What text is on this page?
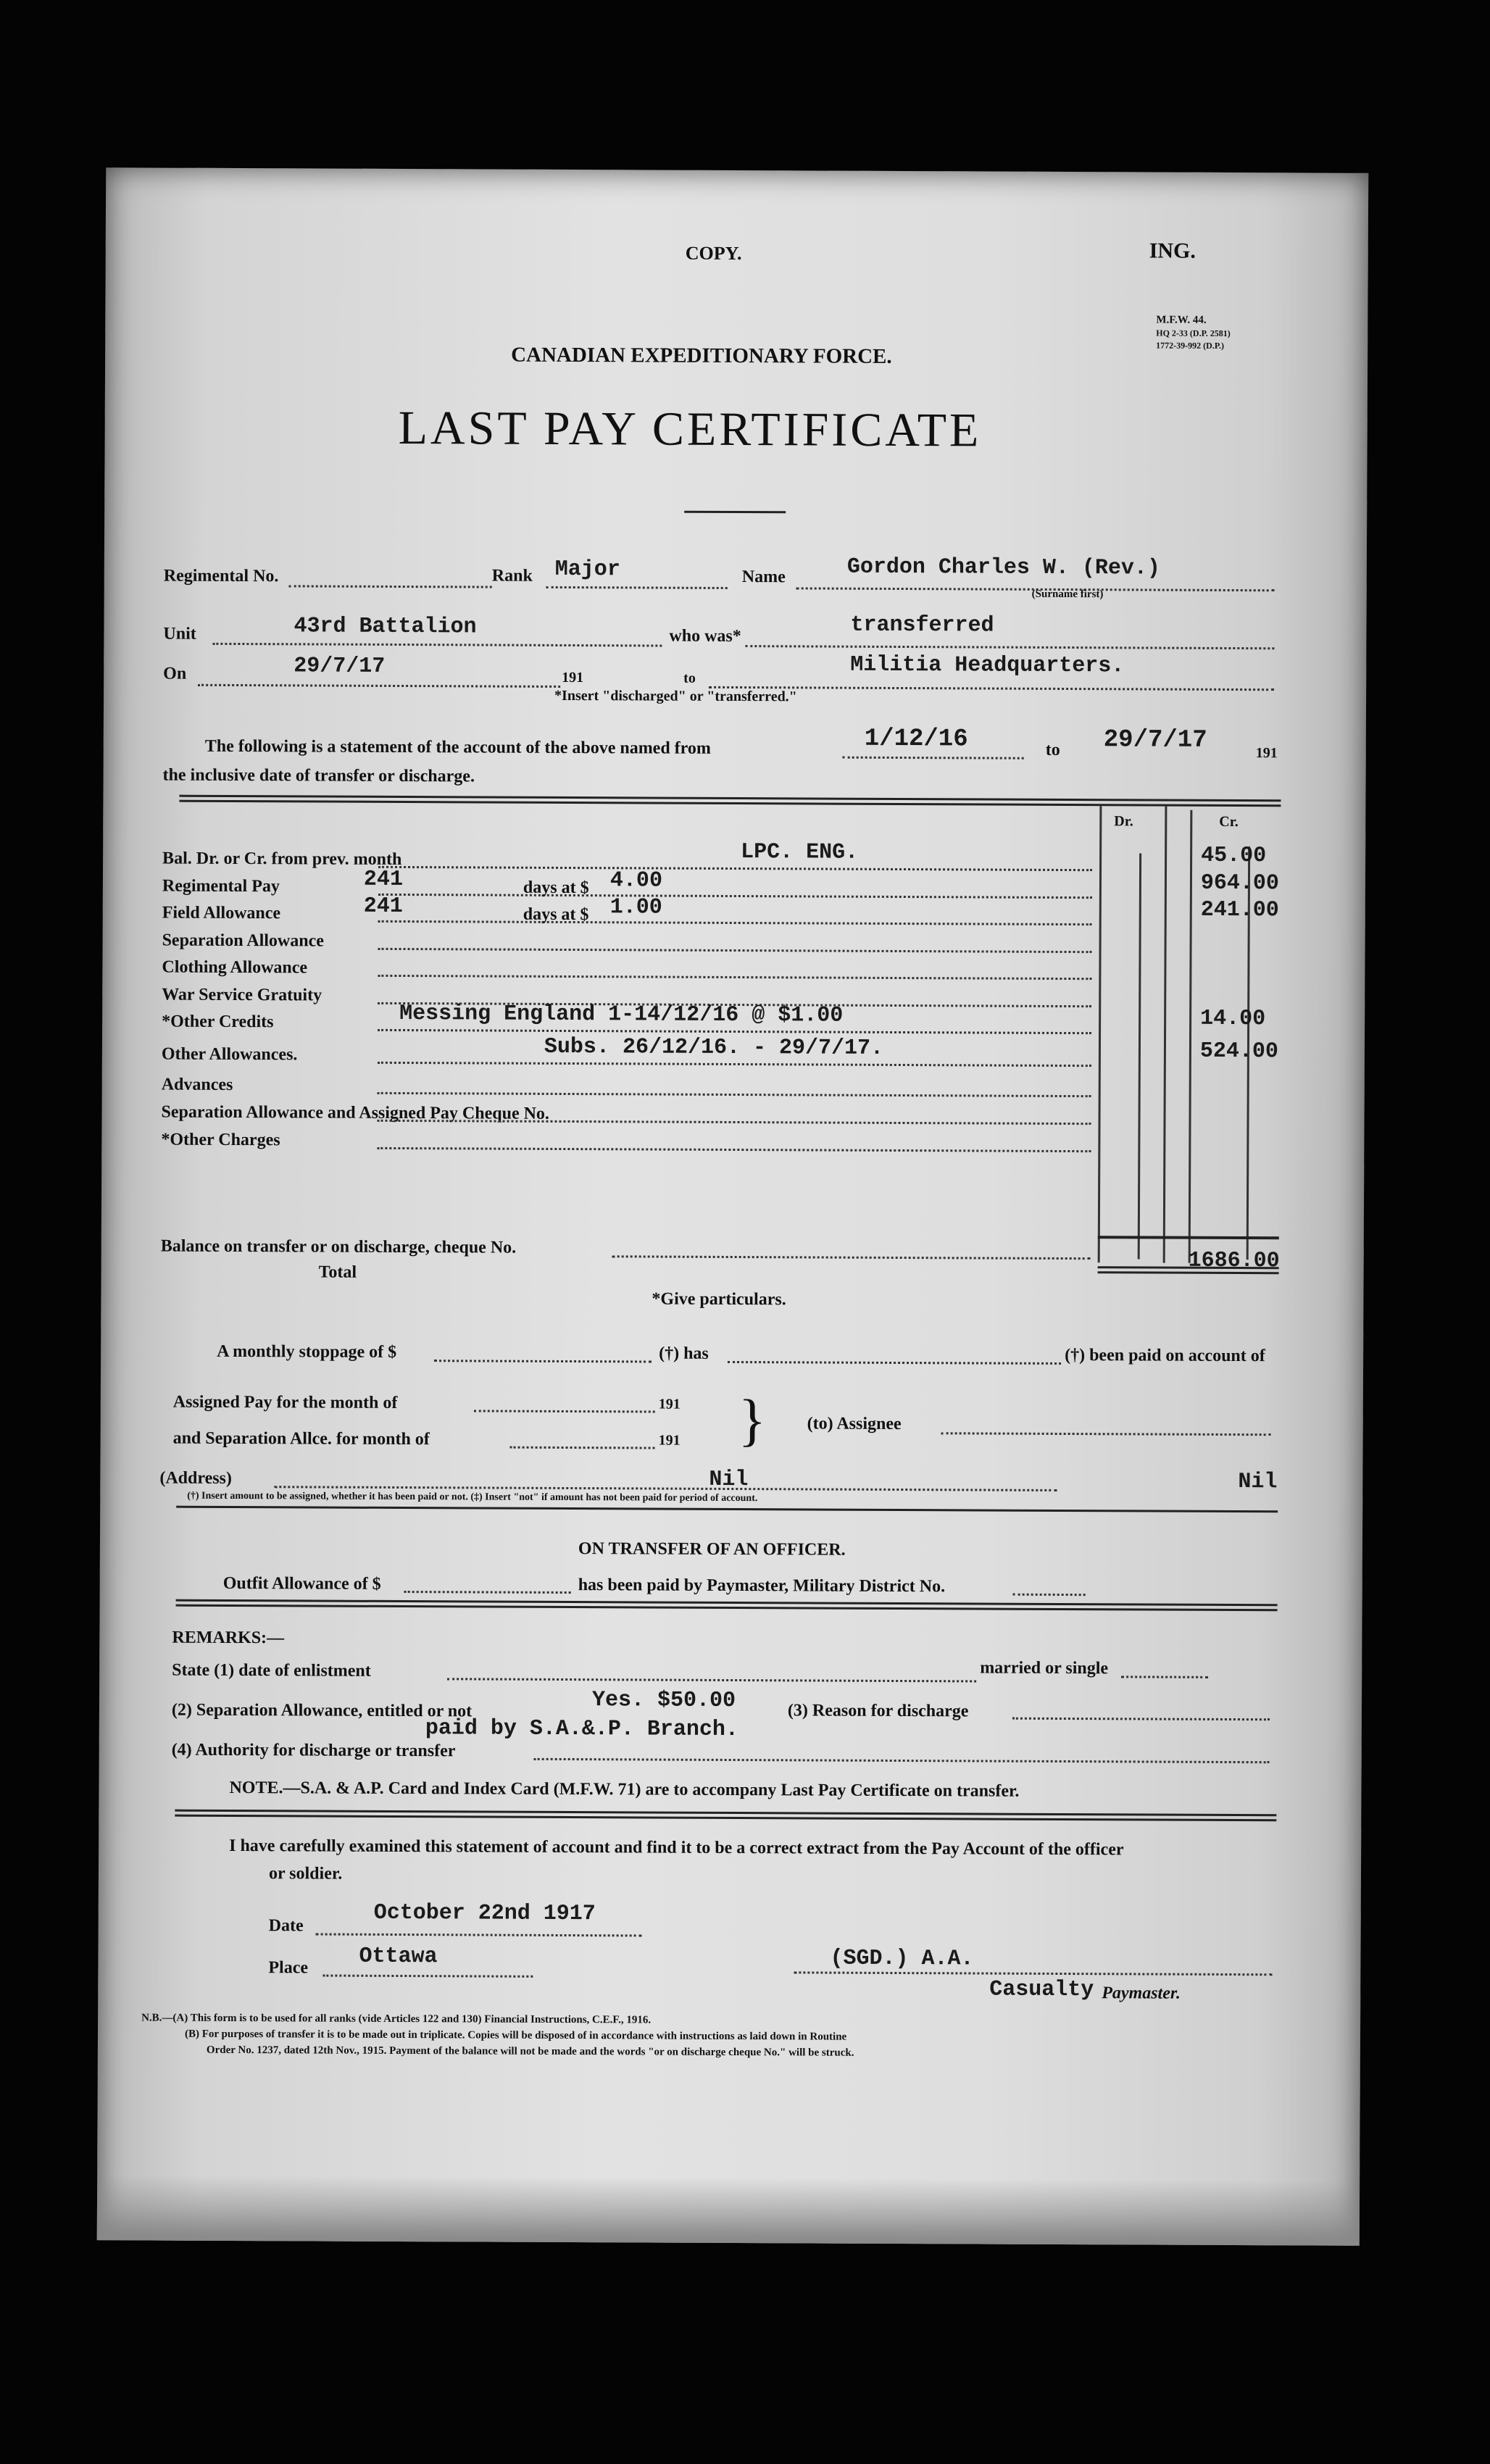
COPY.	ING.
M.F.W. 44.
HQ 2-33 (D.P. 2581)
1772-39-992 (D.P.)
CANADIAN EXPEDITIONARY FORCE.
LAST PAY CERTIFICATE
Regimental No.	Rank Major	Name	Gordon Charles W. (Rev.)
(Surname first)
Unit	43rd Battalion	who was*	transferred
On	29/7/17	191	to	Militia Headquarters.
*Insert "discharged" or "transferred."
The following is a statement of the account of the above named from	1/12/16	to 29/7/17	191
the inclusive date of transfer or discharge.
Dr.	Cr.
Bal. Dr. or Cr. from prev. month	LPC. ENG.	45.00
Regimental Pay	241	days at $ 4.00	964.00
Field Allowance	241	days at $ 1.00	241.00
Separation Allowance
Clothing Allowance
War Service Gratuity
*Other Credits	Messing England 1-14/12/16 @ $1.00	14.00
Other Allowances.	Subs. 26/12/16. - 29/7/17.	524.00
Advances
Separation Allowance and Assigned Pay Cheque No.
*Other Charges
Balance on transfer or on discharge, cheque No.
Total	1686.00
*Give particulars.
A monthly stoppage of $	(†) has	(†) been paid on account of
Assigned Pay for the month of	191
and Separation Allce. for month of	191 } (to) Assignee
(Address)	Nil	Nil
(†) Insert amount to be assigned, whether it has been paid or not. (‡) Insert "not" if amount has not been paid for period of account.
ON TRANSFER OF AN OFFICER.
Outfit Allowance of $	has been paid by Paymaster, Military District No.
REMARKS:—
State (1) date of enlistment	married or single
(2) Separation Allowance, entitled or not	Yes. $50.00	(3) Reason for discharge
paid by S.A.&.P. Branch.
(4) Authority for discharge or transfer
NOTE.—S.A. & A.P. Card and Index Card (M.F.W. 71) are to accompany Last Pay Certificate on transfer.
I have carefully examined this statement of account and find it to be a correct extract from the Pay Account of the officer
or soldier.
Date	October 22nd 1917
Place Ottawa	(SGD.) A.A.
Casualty Paymaster.
N.B.—(A) This form is to be used for all ranks (vide Articles 122 and 130) Financial Instructions, C.E.F., 1916.
(B) For purposes of transfer it is to be made out in triplicate. Copies will be disposed of in accordance with instructions as laid down in Routine
Order No. 1237, dated 12th Nov., 1915. Payment of the balance will not be made and the words "or on discharge cheque No." will be struck.
